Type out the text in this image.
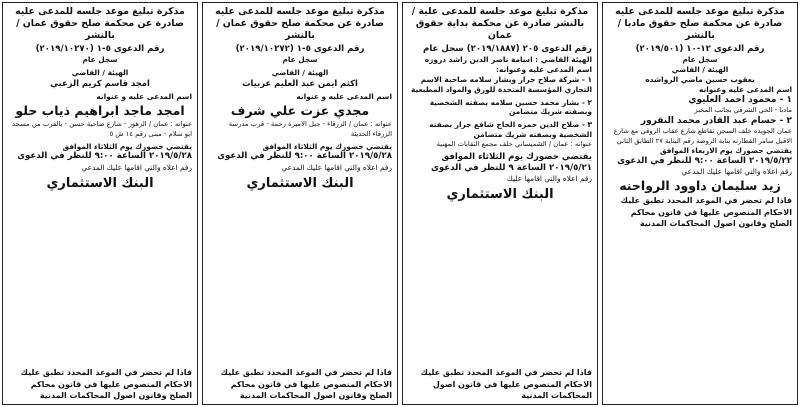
مذكرة تبليغ موعد جلسه للمدعى عليه صادرة عن محكمة صلح حقوق مادبا / بالنشر
رقم الدعوى ١٢-١٠ (٢٠١٩/٥٠١)
سجل عام
الهيئة / القاضي
يعقوب حسين ماضي الرواشده
اسم المدعى عليه وعنوانه
١ - محمود احمد العليوي
مادبا - الحي الشرقي بجانب المخبز
٢ - حسام عبد القادر محمد النقرور
عمان الجويده خلف السجن تقاطع شارع عقاب الروقي مع شارع الاقبل سامر القطارنه بناية الروضة رقم البناية ٢٧ الطابق الثاني
يقتضي حضورك يوم الاربعاء الموافق
٢٠١٩/٥/٢٢ الساعة ٩:٠٠ للنظر في الدعوى
رقم اعلاه والتي اقامها عليك المدعي
زيد سليمان داوود الرواحنه
فاذا لم تحضر في الموعد المحدد تطبق عليك الاحكام المنصوص عليها في قانون محاكم الصلح وقانون اصول المحاكمات المدنية
مذكرة تبليغ موعد جلسة للمدعى علية /بالنشر صادرة عن محكمة بداية حقوق عمان
رقم الدعوى ٢٠٥ (٢٠١٩/١٨٨٧) سجل عام
الهيئة القاضي : اسامة ناصر الدين راشد دروزه
اسم المدعى عليه وعنوانه:
١ - شركة صلاح جرار وبشار سلامه صاحبة الاسم التجاري المؤسسة المتحدة للورق والمواد المطبعية
٢ - بشار محمد حسين سلامه بصفته الشخصية وبصفته شريك متضامن
٣ - صلاح الدين حمزه الحاج شافع جرار بصفته الشخصية وبصفته شريك متضامن
عنوانه : عمان / الشميساني خلف مجمع النقابات المهنية
يقتضي حضورك يوم الثلاثاء الموافق
٢٠١٩/٥/٢١ الساعة ٩ للنظر في الدعوى
رقم اعلاه والتي اقامها عليك
البنك الاستثماري
فاذا لم تحضر في الموعد المحدد تطبق عليك الاحكام المنصوص عليها في قانون اصول المحاكمات المدنية
مذكرة تبليغ موعد جلسه للمدعى عليه صادرة عن محكمة صلح حقوق عمان / بالنشر
رقم الدعوى ٥-١ (٢٠١٩/١٠٢٧٢)
سجل عام
الهيئة / القاضي
اكثم ايمن عبد العليم عربيات
اسم المدعى عليه و عنوانه
مجدي عزت علي شرف
عنوانه : عمان / الزرقاء - جبل الاميرة رحمة - قرب مدرسة الزرقاء الحديثة
يقتضي حضورك يوم الثلاثاء الموافق
٢٠١٩/٥/٢٨ الساعة ٩:٠٠ للنظر في الدعوى
رقم اعلاه والتي اقامها عليك المدعي
البنك الاستثماري
فاذا لم تحضر في الموعد المحدد تطبق عليك الاحكام المنصوص عليها في قانون محاكم الصلح وقانون اصول المحاكمات المدنية
مذكرة تبليغ موعد جلسه للمدعى عليه صادرة عن محكمة صلح حقوق عمان / بالنشر
رقم الدعوى ٥-١ (٢٠١٩/١٠٢٧٠)
سجل عام
الهيئة / القاضي
امجد قاسم كريم الزعبي
اسم المدعى عليه و عنوانه
امجد ماجد ابراهيم ذياب حلو
عنوانه : عمان / الزهور - شارع ضاحية حسن - بالقرب من مسجد ابو سلام - مبنى رقم ١٤ ش ٥
يقتضي حضورك يوم الثلاثاء الموافق
٢٠١٩/٥/٢٨ الساعة ٩:٠٠ للنظر في الدعوى
رقم اعلاه والتي اقامها عليك المدعي
البنك الاستثماري
فاذا لم تحضر في الموعد المحدد تطبق عليك الاحكام المنصوص عليها في قانون محاكم الصلح وقانون اصول المحاكمات المدنية
